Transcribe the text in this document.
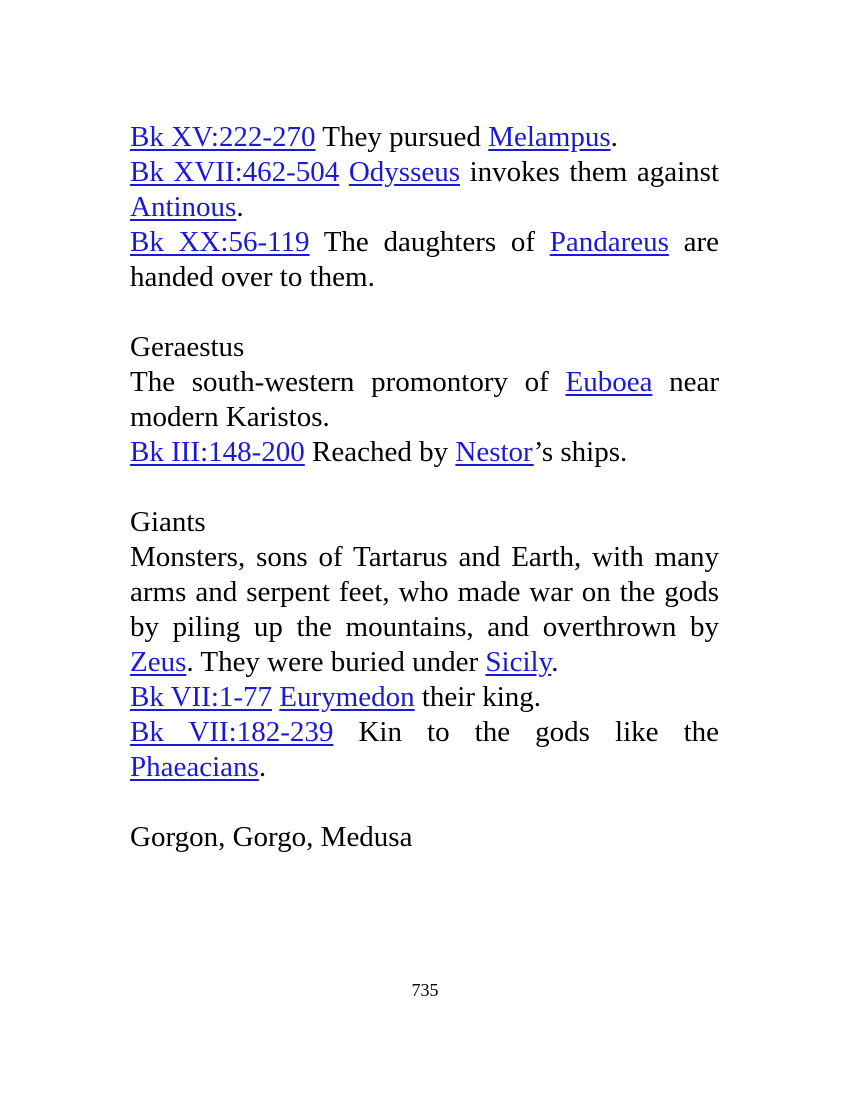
Bk XV:222-270 They pursued Melampus.

Bk XVII:462-504 Odysseus invokes them against Antinous.

Bk XX:56-119 The daughters of Pandareus are handed over to them.

Geraestus

The south-western promontory of Euboea near modern Karistos.

Bk III:148-200 Reached by Nestor’s ships.

Giants

Monsters, sons of Tartarus and Earth, with many arms and serpent feet, who made war on the gods by piling up the mountains, and overthrown by Zeus. They were buried under Sicily.

Bk VII:1-77 Eurymedon their king.

Bk VII:182-239 Kin to the gods like the Phaeacians.

Gorgon, Gorgo, Medusa

735
